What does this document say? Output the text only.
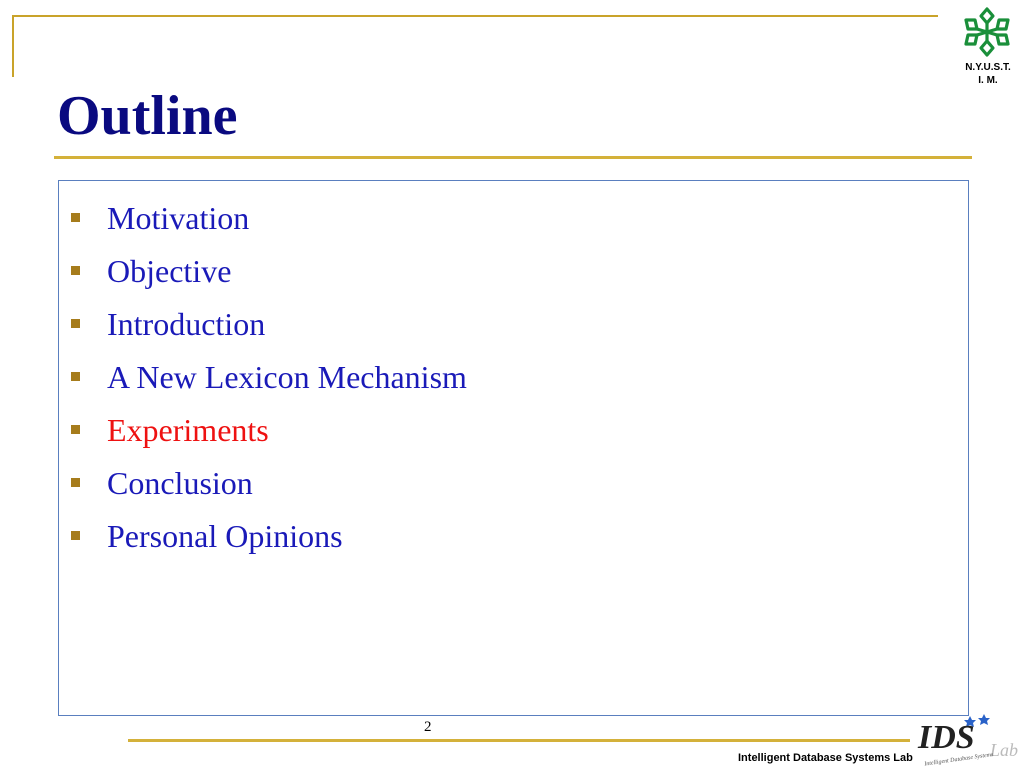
Outline
N.Y.U.S.T.
I. M.
Motivation
Objective
Introduction
A New Lexicon Mechanism
Experiments
Conclusion
Personal Opinions
2
Intelligent Database Systems Lab
IDS Lab
Intelligent Database Systems
